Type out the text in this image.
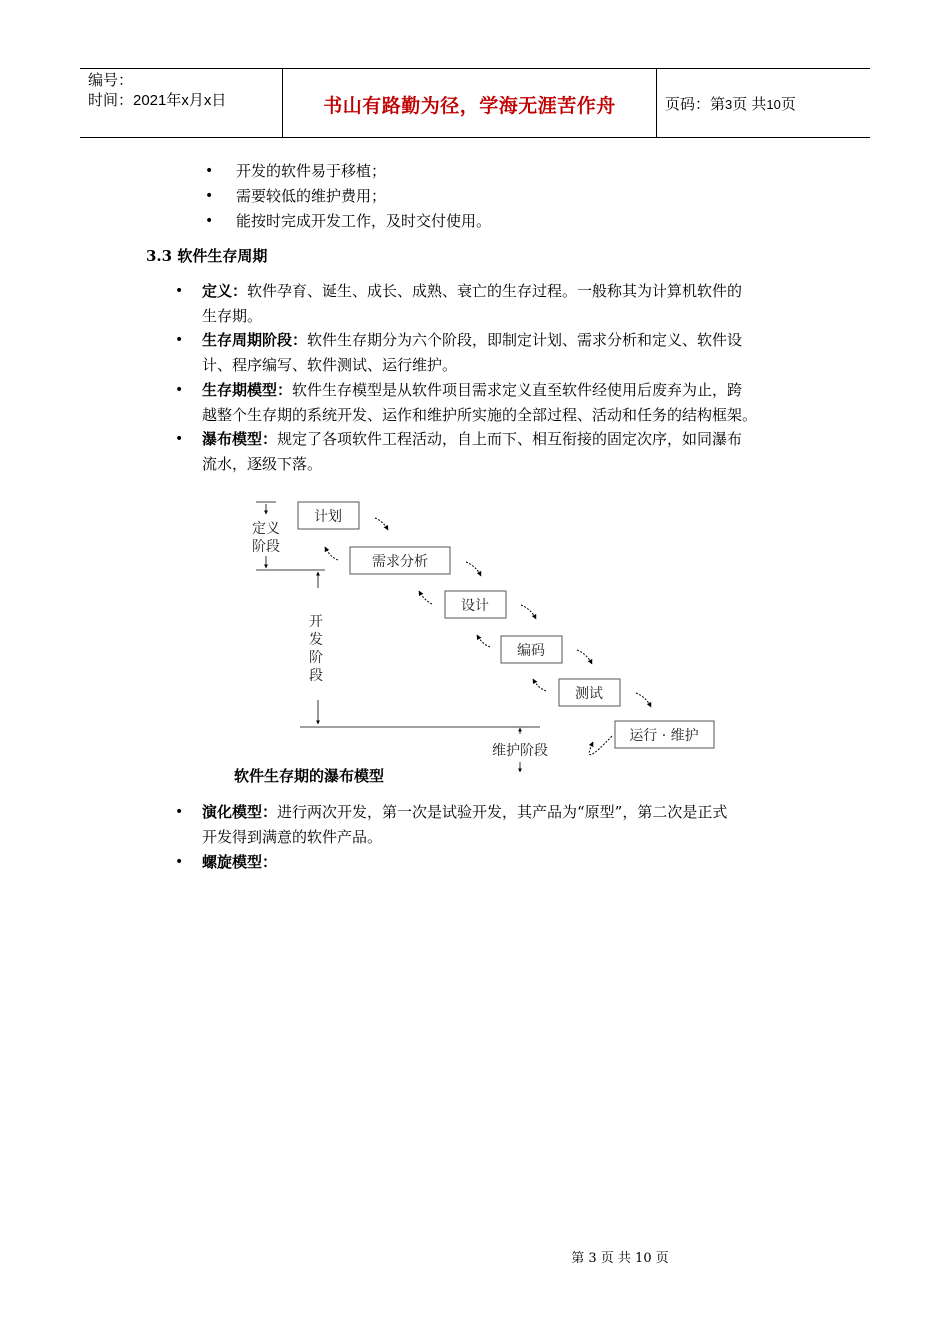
编号：
时间：2021年x月x日	书山有路勤为径，学海无涯苦作舟	页码：第3页 共10页
• 开发的软件易于移植；
• 需要较低的维护费用；
• 能按时完成开发工作，及时交付使用。
3.3 软件生存周期
• 定义：软件孕育、诞生、成长、成熟、衰亡的生存过程。一般称其为计算机软件的
生存期。
• 生存周期阶段：软件生存期分为六个阶段，即制定计划、需求分析和定义、软件设
计、程序编写、软件测试、运行维护。
• 生存期模型：软件生存模型是从软件项目需求定义直至软件经使用后废弃为止，跨
越整个生存期的系统开发、运作和维护所实施的全部过程、活动和任务的结构框架。
• 瀑布模型：规定了各项软件工程活动，自上而下、相互衔接的固定次序，如同瀑布
流水，逐级下落。
计划
需求分析
设计
编码
测试
运行 · 维护
定义
阶段
开
发
阶
段
维护阶段
软件生存期的瀑布模型
• 演化模型：进行两次开发，第一次是试验开发，其产品为“原型”，第二次是正式
开发得到满意的软件产品。
• 螺旋模型：
第 3 页 共 10 页
